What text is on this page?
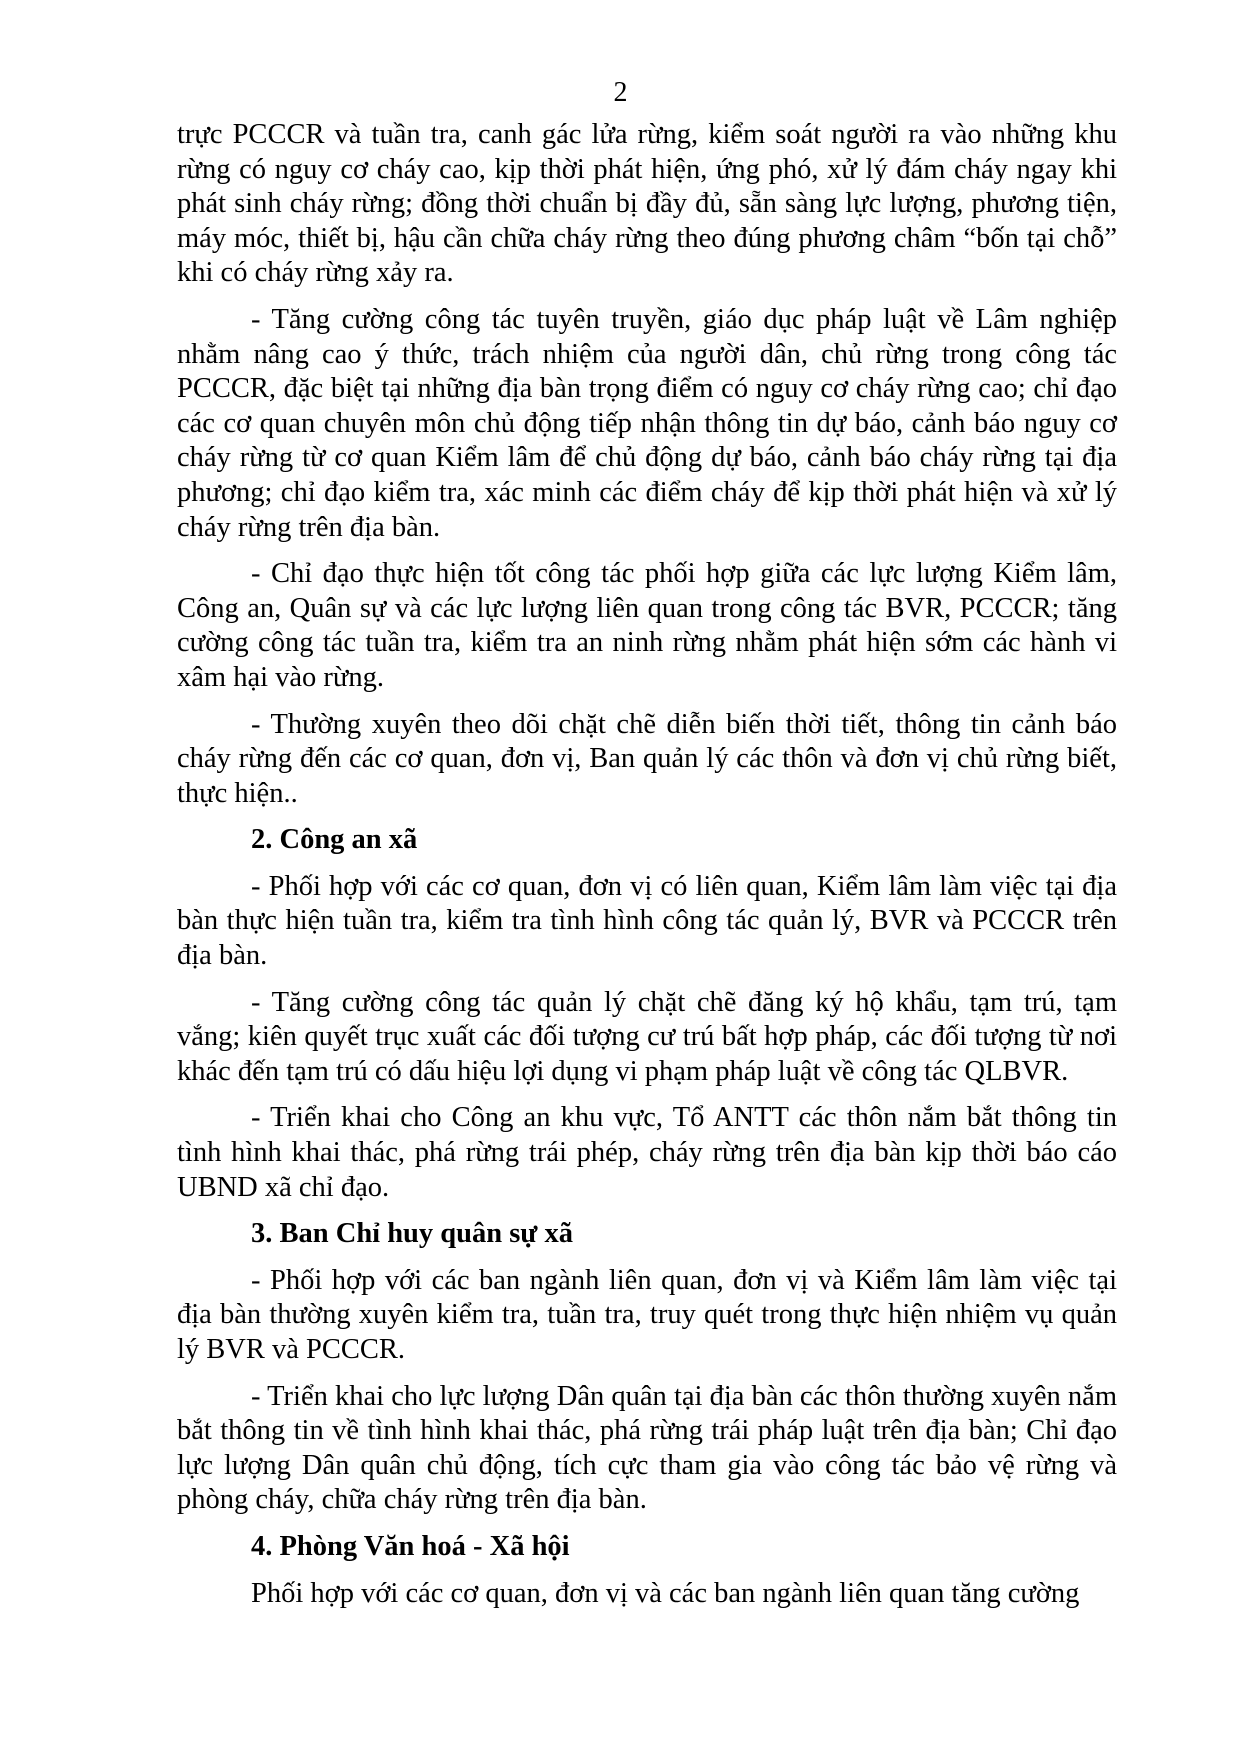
2

trực PCCCR và tuần tra, canh gác lửa rừng, kiểm soát người ra vào những khu rừng có nguy cơ cháy cao, kịp thời phát hiện, ứng phó, xử lý đám cháy ngay khi phát sinh cháy rừng; đồng thời chuẩn bị đầy đủ, sẵn sàng lực lượng, phương tiện, máy móc, thiết bị, hậu cần chữa cháy rừng theo đúng phương châm “bốn tại chỗ” khi có cháy rừng xảy ra.

- Tăng cường công tác tuyên truyền, giáo dục pháp luật về Lâm nghiệp nhằm nâng cao ý thức, trách nhiệm của người dân, chủ rừng trong công tác PCCCR, đặc biệt tại những địa bàn trọng điểm có nguy cơ cháy rừng cao; chỉ đạo các cơ quan chuyên môn chủ động tiếp nhận thông tin dự báo, cảnh báo nguy cơ cháy rừng từ cơ quan Kiểm lâm để chủ động dự báo, cảnh báo cháy rừng tại địa phương; chỉ đạo kiểm tra, xác minh các điểm cháy để kịp thời phát hiện và xử lý cháy rừng trên địa bàn.

- Chỉ đạo thực hiện tốt công tác phối hợp giữa các lực lượng Kiểm lâm, Công an, Quân sự và các lực lượng liên quan trong công tác BVR, PCCCR; tăng cường công tác tuần tra, kiểm tra an ninh rừng nhằm phát hiện sớm các hành vi xâm hại vào rừng.

- Thường xuyên theo dõi chặt chẽ diễn biến thời tiết, thông tin cảnh báo cháy rừng đến các cơ quan, đơn vị, Ban quản lý các thôn và đơn vị chủ rừng biết, thực hiện..

2. Công an xã

- Phối hợp với các cơ quan, đơn vị có liên quan, Kiểm lâm làm việc tại địa bàn thực hiện tuần tra, kiểm tra tình hình công tác quản lý, BVR và PCCCR trên địa bàn.

- Tăng cường công tác quản lý chặt chẽ đăng ký hộ khẩu, tạm trú, tạm vắng; kiên quyết trục xuất các đối tượng cư trú bất hợp pháp, các đối tượng từ nơi khác đến tạm trú có dấu hiệu lợi dụng vi phạm pháp luật về công tác QLBVR.

- Triển khai cho Công an khu vực, Tổ ANTT các thôn nắm bắt thông tin tình hình khai thác, phá rừng trái phép, cháy rừng trên địa bàn kịp thời báo cáo UBND xã chỉ đạo.

3. Ban Chỉ huy quân sự xã

- Phối hợp với các ban ngành liên quan, đơn vị và Kiểm lâm làm việc tại địa bàn thường xuyên kiểm tra, tuần tra, truy quét trong thực hiện nhiệm vụ quản lý BVR và PCCCR.

- Triển khai cho lực lượng Dân quân tại địa bàn các thôn thường xuyên nắm bắt thông tin về tình hình khai thác, phá rừng trái pháp luật trên địa bàn; Chỉ đạo lực lượng Dân quân chủ động, tích cực tham gia vào công tác bảo vệ rừng và phòng cháy, chữa cháy rừng trên địa bàn.

4. Phòng Văn hoá - Xã hội

Phối hợp với các cơ quan, đơn vị và các ban ngành liên quan tăng cường
